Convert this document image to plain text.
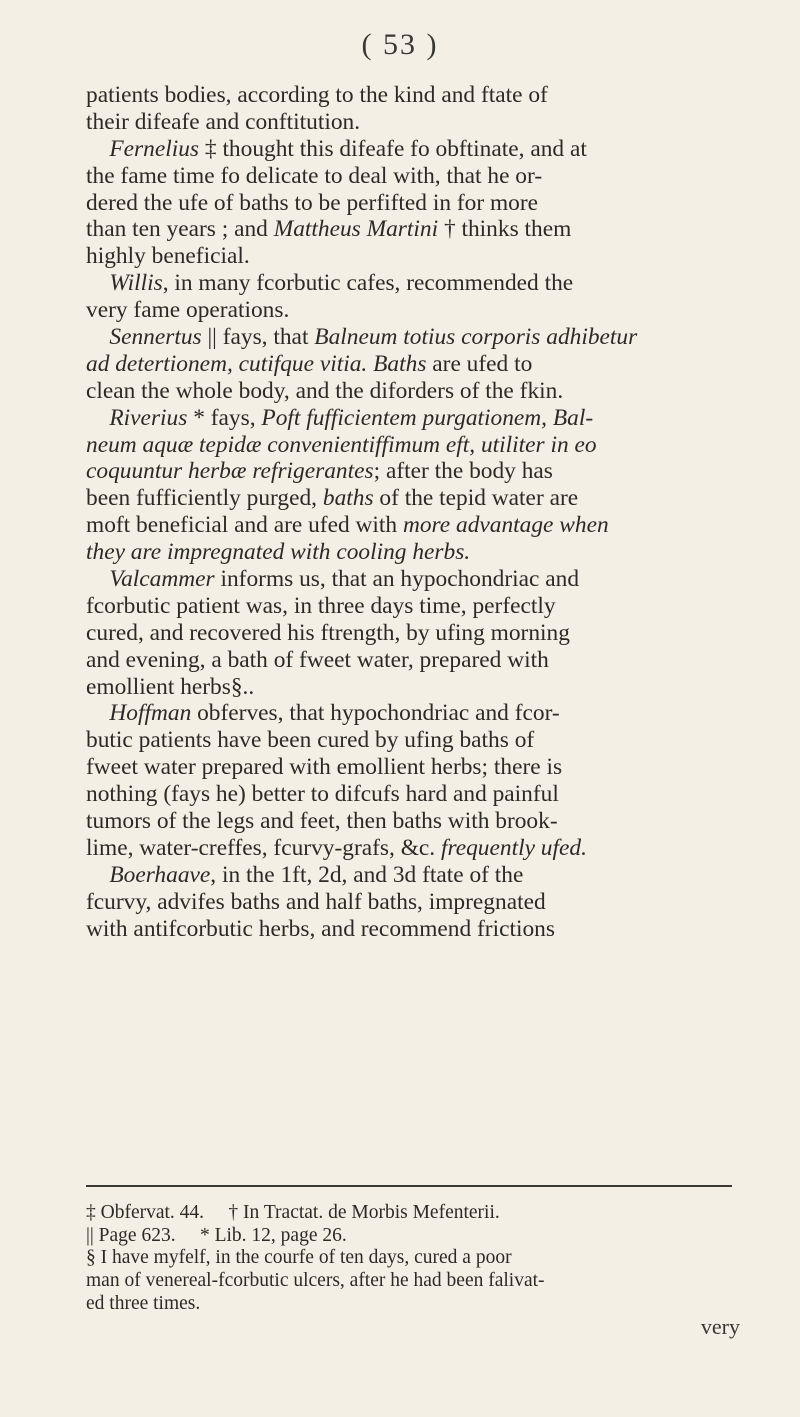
( 53 )
patients bodies, according to the kind and ftate of
their difeafe and conftitution.
Fernelius ‡ thought this difeafe fo obftinate, and at
the fame time fo delicate to deal with, that he or-
dered the ufe of baths to be perfifted in for more
than ten years ; and Mattheus Martini † thinks them
highly beneficial.
Willis, in many fcorbutic cafes, recommended the
very fame operations.
Sennertus || fays, that Balneum totius corporis adhibetur
ad detertionem, cutifque vitia. Baths are ufed to
clean the whole body, and the diforders of the fkin.
Riverius * fays, Poft fufficientem purgationem, Bal-
neum aquæ tepidæ convenientiffimum eft, utiliter in eo
coquuntur herbæ refrigerantes; after the body has
been fufficiently purged, baths of the tepid water are
moft beneficial and are ufed with more advantage when
they are impregnated with cooling herbs.
Valcammer informs us, that an hypochondriac and
fcorbutic patient was, in three days time, perfectly
cured, and recovered his ftrength, by ufing morning
and evening, a bath of fweet water, prepared with
emollient herbs§..
Hoffman obferves, that hypochondriac and fcor-
butic patients have been cured by ufing baths of
fweet water prepared with emollient herbs; there is
nothing (fays he) better to difcufs hard and painful
tumors of the legs and feet, then baths with brook-
lime, water-creffes, fcurvy-grafs, &c. frequently ufed.
Boerhaave, in the 1ft, 2d, and 3d ftate of the
fcurvy, advifes baths and half baths, impregnated
with antifcorbutic herbs, and recommend frictions
‡ Obfervat. 44.     † In Tractat. de Morbis Mefenterii.
|| Page 623.     * Lib. 12, page 26.
§ I have myfelf, in the courfe of ten days, cured a poor
man of venereal-fcorbutic ulcers, after he had been falivat-
ed three times.
very
